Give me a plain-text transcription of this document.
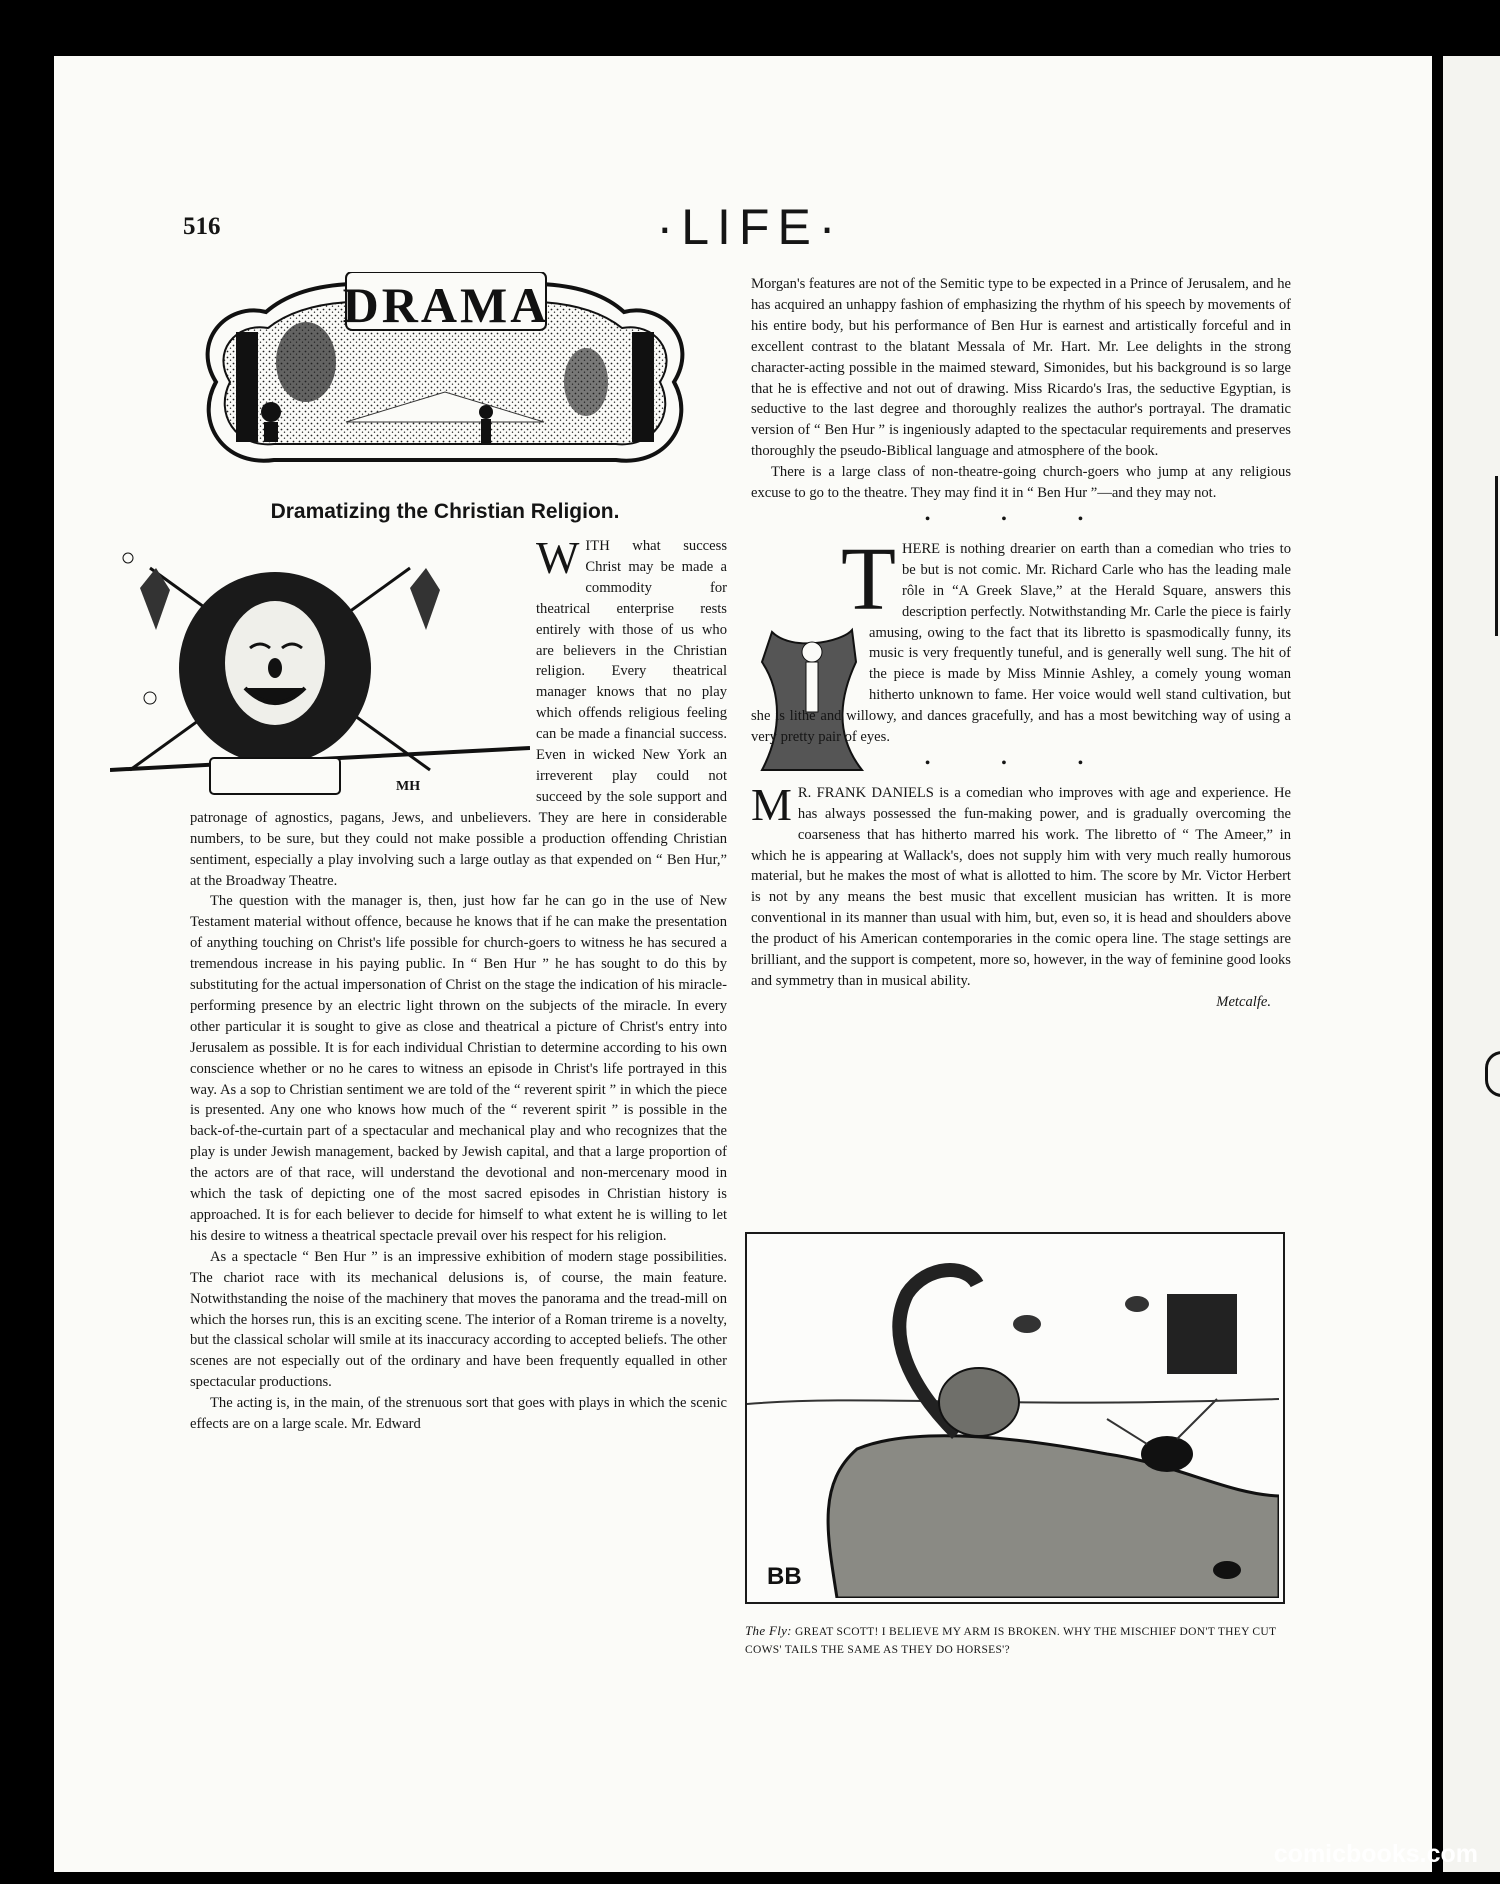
516	·LIFE·
DRAMA
Dramatizing the Christian Religion.
MH

WITH what success Christ may be made a commodity for theatrical enterprise rests entirely with those of us who are believers in the Christian religion. Every theatrical manager knows that no play which offends religious feeling can be made a financial success. Even in wicked New York an irreverent play could not succeed by the sole support and patronage of agnostics, pagans, Jews, and unbelievers. They are here in considerable numbers, to be sure, but they could not make possible a production offending Christian sentiment, especially a play involving such a large outlay as that expended on “ Ben Hur,” at the Broadway Theatre.

The question with the manager is, then, just how far he can go in the use of New Testament material without offence, because he knows that if he can make the presentation of anything touching on Christ's life possible for church-goers to witness he has secured a tremendous increase in his paying public. In “ Ben Hur ” he has sought to do this by substituting for the actual impersonation of Christ on the stage the indication of his miracle-performing presence by an electric light thrown on the subjects of the miracle. In every other particular it is sought to give as close and theatrical a picture of Christ's entry into Jerusalem as possible. It is for each individual Christian to determine according to his own conscience whether or no he cares to witness an episode in Christ's life portrayed in this way. As a sop to Christian sentiment we are told of the “ reverent spirit ” in which the piece is presented. Any one who knows how much of the “ reverent spirit ” is possible in the back-of-the-curtain part of a spectacular and mechanical play and who recognizes that the play is under Jewish management, backed by Jewish capital, and that a large proportion of the actors are of that race, will understand the devotional and non-mercenary mood in which the task of depicting one of the most sacred episodes in Christian history is approached. It is for each believer to decide for himself to what extent he is willing to let his desire to witness a theatrical spectacle prevail over his respect for his religion.

As a spectacle “ Ben Hur ” is an impressive exhibition of modern stage possibilities. The chariot race with its mechanical delusions is, of course, the main feature. Notwithstanding the noise of the machinery that moves the panorama and the tread-mill on which the horses run, this is an exciting scene. The interior of a Roman trireme is a novelty, but the classical scholar will smile at its inaccuracy according to accepted beliefs. The other scenes are not especially out of the ordinary and have been frequently equalled in other spectacular productions.

The acting is, in the main, of the strenuous sort that goes with plays in which the scenic effects are on a large scale. Mr. Edward

Morgan's features are not of the Semitic type to be expected in a Prince of Jerusalem, and he has acquired an unhappy fashion of emphasizing the rhythm of his speech by movements of his entire body, but his performance of Ben Hur is earnest and artistically forceful and in excellent contrast to the blatant Messala of Mr. Hart. Mr. Lee delights in the strong character-acting possible in the maimed steward, Simonides, but his background is so large that he is effective and not out of drawing. Miss Ricardo's Iras, the seductive Egyptian, is seductive to the last degree and thoroughly realizes the author's portrayal. The dramatic version of “ Ben Hur ” is ingeniously adapted to the spectacular requirements and preserves thoroughly the pseudo-Biblical language and atmosphere of the book.

There is a large class of non-theatre-going church-goers who jump at any religious excuse to go to the theatre. They may find it in “ Ben Hur ”—and they may not.

• • •

THERE is nothing drearier on earth than a comedian who tries to be but is not comic. Mr. Richard Carle who has the leading male rôle in “A Greek Slave,” at the Herald Square, answers this description perfectly. Notwithstanding Mr. Carle the piece is fairly amusing, owing to the fact that its libretto is spasmodically funny, its music is very frequently tuneful, and is generally well sung. The hit of the piece is made by Miss Minnie Ashley, a comely young woman hitherto unknown to fame. Her voice would well stand cultivation, but she is lithe and willowy, and dances gracefully, and has a most bewitching way of using a very pretty pair of eyes.

• • •

M R. FRANK DANIELS is a comedian who improves with age and experience. He has always possessed the fun-making power, and is gradually overcoming the coarseness that has hitherto marred his work. The libretto of “ The Ameer,” in which he is appearing at Wallack's, does not supply him with very much really humorous material, but he makes the most of what is allotted to him. The score by Mr. Victor Herbert is not by any means the best music that excellent musician has written. It is more conventional in its manner than usual with him, but, even so, it is head and shoulders above the product of his American contemporaries in the comic opera line. The stage settings are brilliant, and the support is competent, more so, however, in the way of feminine good looks and symmetry than in musical ability.

Metcalfe.

BB
The Fly: GREAT SCOTT! I BELIEVE MY ARM IS BROKEN. WHY THE MISCHIEF DON'T THEY CUT COWS' TAILS THE SAME AS THEY DO HORSES'?
comicbooks.com
